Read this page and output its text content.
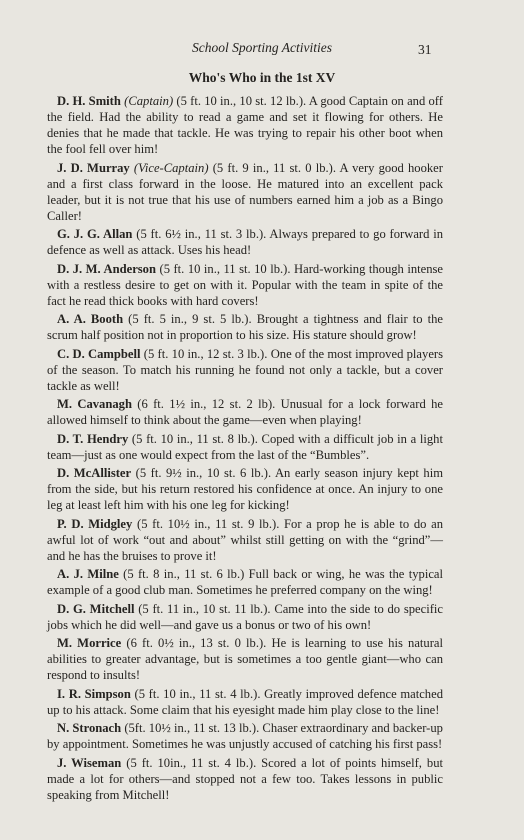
School Sporting Activities	31
Who's Who in the 1st XV

D. H. Smith (Captain) (5 ft. 10 in., 10 st. 12 lb.). A good Captain on and off the field. Had the ability to read a game and set it flowing for others. He denies that he made that tackle. He was trying to repair his other boot when the fool fell over him!

J. D. Murray (Vice-Captain) (5 ft. 9 in., 11 st. 0 lb.). A very good hooker and a first class forward in the loose. He matured into an excellent pack leader, but it is not true that his use of numbers earned him a job as a Bingo Caller!

G. J. G. Allan (5 ft. 6½ in., 11 st. 3 lb.). Always prepared to go forward in defence as well as attack. Uses his head!

D. J. M. Anderson (5 ft. 10 in., 11 st. 10 lb.). Hard-working though intense with a restless desire to get on with it. Popular with the team in spite of the fact he read thick books with hard covers!

A. A. Booth (5 ft. 5 in., 9 st. 5 lb.). Brought a tightness and flair to the scrum half position not in proportion to his size. His stature should grow!

C. D. Campbell (5 ft. 10 in., 12 st. 3 lb.). One of the most improved players of the season. To match his running he found not only a tackle, but a cover tackle as well!

M. Cavanagh (6 ft. 1½ in., 12 st. 2 lb). Unusual for a lock forward he allowed himself to think about the game—even when playing!

D. T. Hendry (5 ft. 10 in., 11 st. 8 lb.). Coped with a difficult job in a light team—just as one would expect from the last of the “Bumbles”.

D. McAllister (5 ft. 9½ in., 10 st. 6 lb.). An early season injury kept him from the side, but his return restored his confidence at once. An injury to one leg at least left him with his one leg for kicking!

P. D. Midgley (5 ft. 10½ in., 11 st. 9 lb.). For a prop he is able to do an awful lot of work “out and about” whilst still getting on with the “grind”—and he has the bruises to prove it!

A. J. Milne (5 ft. 8 in., 11 st. 6 lb.) Full back or wing, he was the typical example of a good club man. Sometimes he preferred company on the wing!

D. G. Mitchell (5 ft. 11 in., 10 st. 11 lb.). Came into the side to do specific jobs which he did well—and gave us a bonus or two of his own!

M. Morrice (6 ft. 0½ in., 13 st. 0 lb.). He is learning to use his natural abilities to greater advantage, but is sometimes a too gentle giant—who can respond to insults!

I. R. Simpson (5 ft. 10 in., 11 st. 4 lb.). Greatly improved defence matched up to his attack. Some claim that his eyesight made him play close to the line!

N. Stronach (5ft. 10½ in., 11 st. 13 lb.). Chaser extraordinary and backer-up by appointment. Sometimes he was unjustly accused of catching his first pass!

J. Wiseman (5 ft. 10in., 11 st. 4 lb.). Scored a lot of points himself, but made a lot for others—and stopped not a few too. Takes lessons in public speaking from Mitchell!
